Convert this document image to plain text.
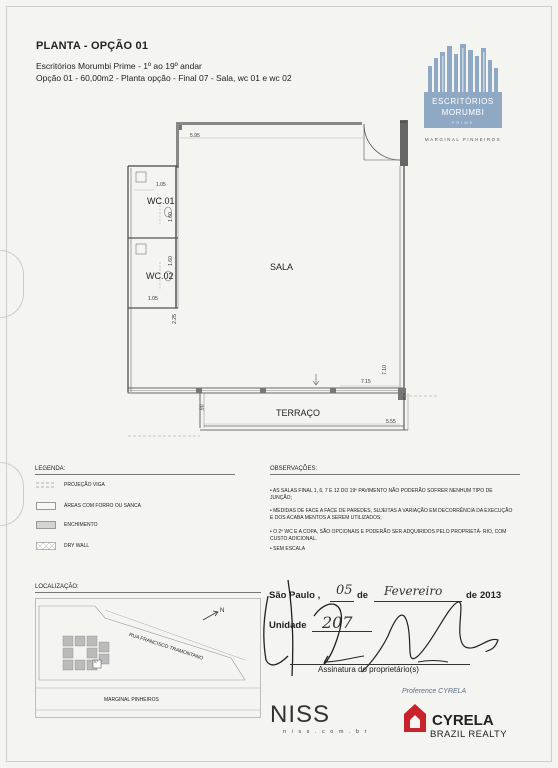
PLANTA - OPÇÃO 01
Escritórios Morumbi Prime - 1º ao 19º andar
Opção 01 - 60,00m2 - Planta opção - Final 07 - Sala, wc 01 e wc 02
ESCRITÓRIOS
MORUMBI
PRIME
MARGINAL PINHEIROS
5.95
1.05
WC.01
1.60
1.60
WC.02
1.05
2.25
SALA
7.15
7.10
.90	TERRAÇO
5.55
LEGENDA:
PROJEÇÃO VIGA
ÁREAS COM FORRO OU SANCA
ENCHIMENTO
DRY WALL
OBSERVAÇÕES:
• AS SALAS FINAL 1, 6, 7 E 12 DO 19º PAVIMENTO NÃO PODERÃO SOFRER NENHUM TIPO DE JUNÇÃO;
• MEDIDAS DE FACE A FACE DE PAREDES, SUJEITAS A VARIAÇÃO EM DECORRÊNCIA DA EXECUÇÃO E DOS ACABA MENTOS A SEREM UTILIZADOS;
• O 2º WC E A COPA, SÃO OPCIONAIS E PODERÃO SER ADQUIRIDOS PELO PROPRIETÁ- RIO, COM CUSTO ADICIONAL.
• SEM ESCALA
LOCALIZAÇÃO:
07
N
RUA FRANCISCO TRAMONTANO
MARGINAL PINHEIROS
São Paulo , 05 de Fevereiro de 2013
Unidade 207
Assinatura do proprietário(s)
NISS
n i s s . c o m . b r
Proference CYRELA
CYRELA
BRAZIL REALTY
